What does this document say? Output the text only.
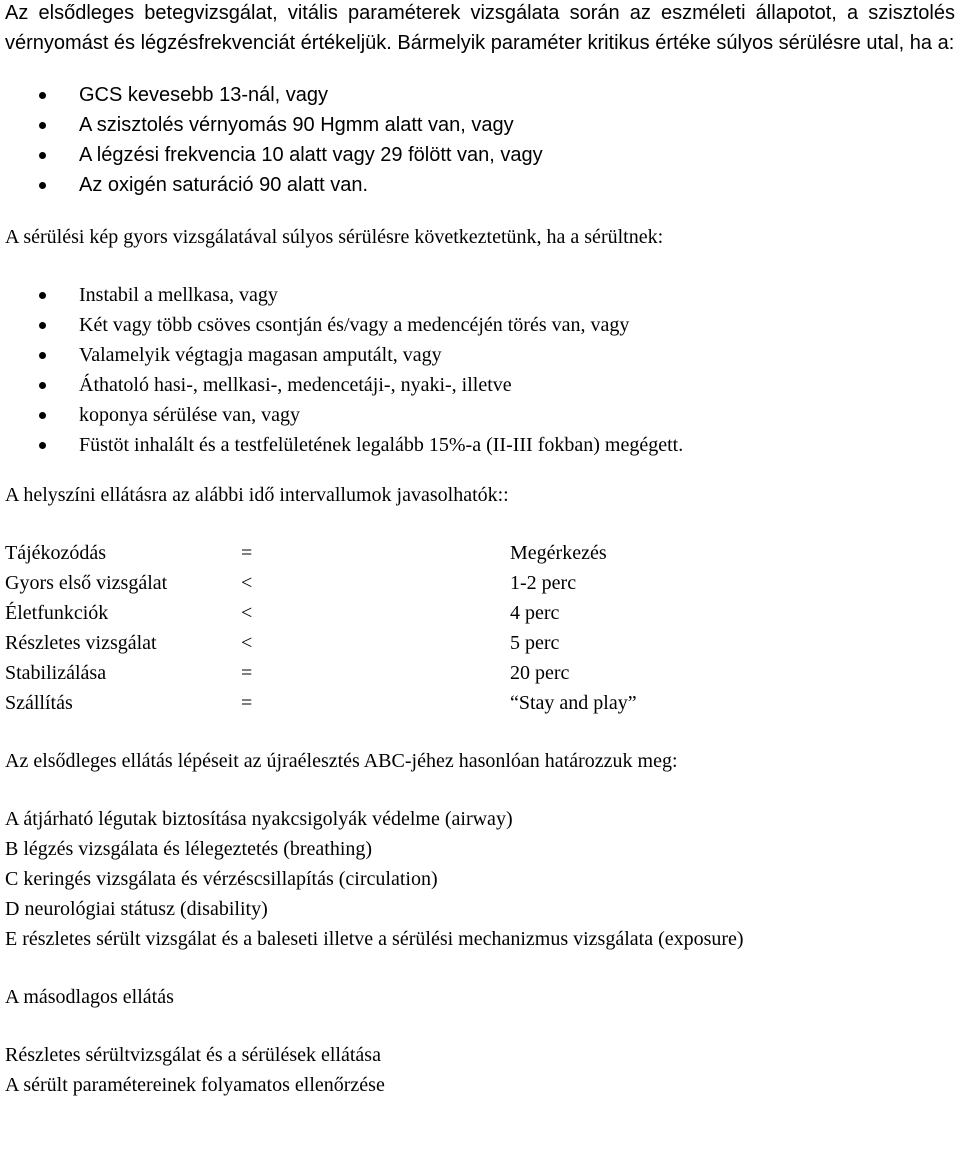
Az elsődleges betegvizsgálat, vitális paraméterek vizsgálata során az eszméleti állapotot, a szisztolés vérnyomást és légzésfrekvenciát értékeljük. Bármelyik paraméter kritikus értéke súlyos sérülésre utal, ha a:

GCS kevesebb 13-nál, vagy
A szisztolés vérnyomás 90 Hgmm alatt van, vagy
A légzési frekvencia 10 alatt vagy 29 fölött van, vagy
Az oxigén saturáció 90 alatt van.

A sérülési kép gyors vizsgálatával súlyos sérülésre következtetünk, ha a sérültnek:

Instabil a mellkasa, vagy
Két vagy több csöves csontján és/vagy a medencéjén törés van, vagy
Valamelyik végtagja magasan amputált, vagy
Áthatoló hasi-, mellkasi-, medencetáji-, nyaki-, illetve
koponya sérülése van, vagy
Füstöt inhalált és a testfelületének legalább 15%-a (II-III fokban) megégett.

A helyszíni ellátásra az alábbi idő intervallumok javasolhatók::

Tájékozódás	=	Megérkezés
Gyors első vizsgálat	<	1-2 perc
Életfunkciók	<	4 perc
Részletes vizsgálat	<	5 perc
Stabilizálása	=	20 perc
Szállítás	=	“Stay and play”

Az elsődleges ellátás lépéseit az újraélesztés ABC-jéhez hasonlóan határozzuk meg:

A átjárható légutak biztosítása nyakcsigolyák védelme (airway)

B légzés vizsgálata és lélegeztetés (breathing)

C keringés vizsgálata és vérzéscsillapítás (circulation)

D neurológiai státusz (disability)

E részletes sérült vizsgálat és a baleseti illetve a sérülési mechanizmus vizsgálata (exposure)

A másodlagos ellátás

Részletes sérültvizsgálat és a sérülések ellátása

A sérült paramétereinek folyamatos ellenőrzése
